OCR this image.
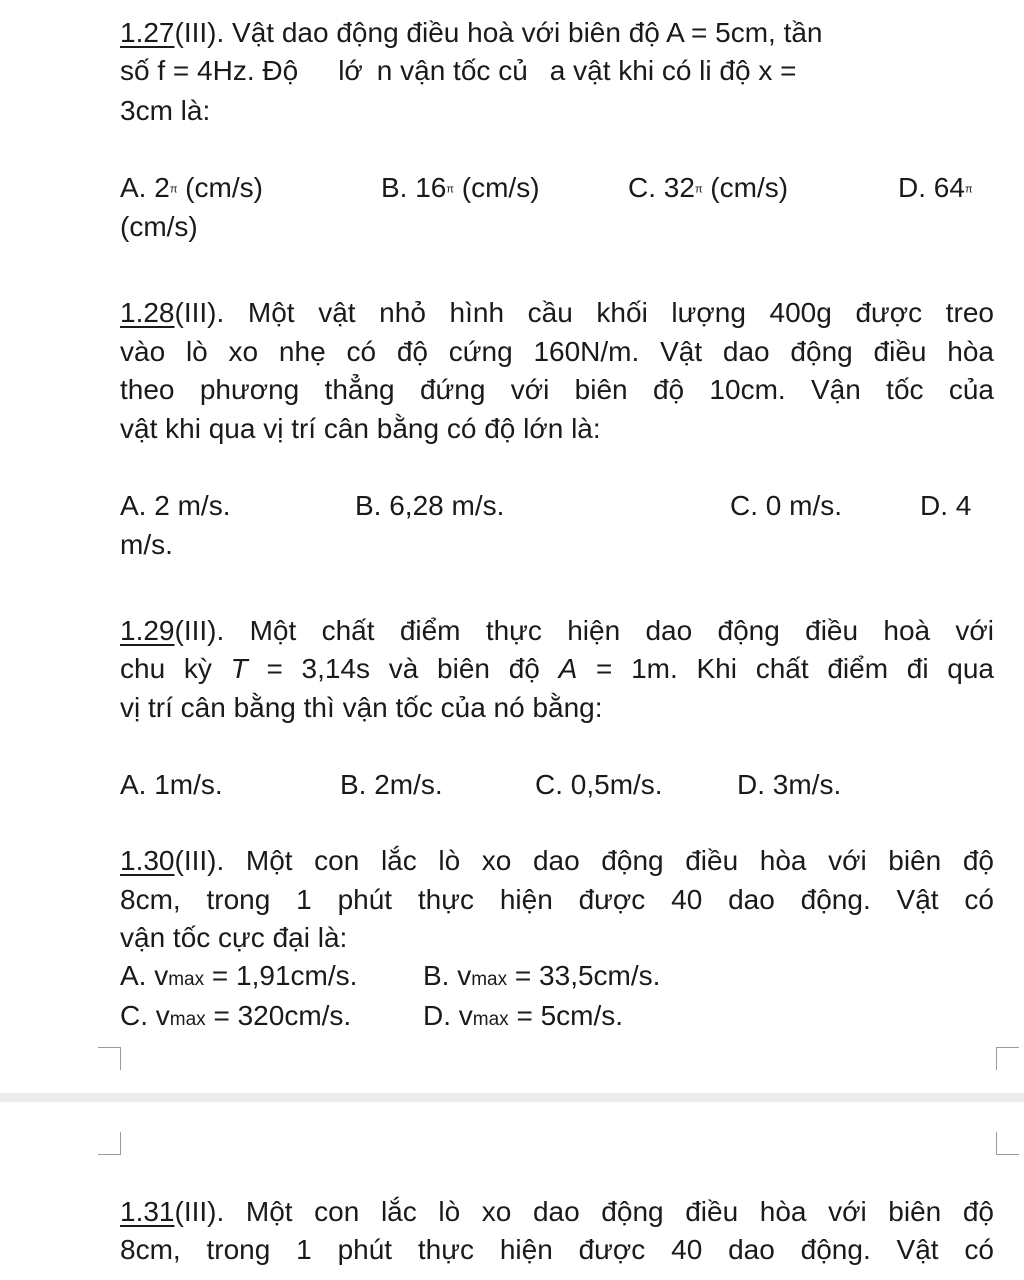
1.27(III). Vật dao động điều hoà với biên độ A = 5cm, tần
số f = 4Hz. Độ lớ n vận tốc củ a vật khi có li độ x =
3cm là:
A. 2π (cm/s)	B. 16π (cm/s)	C. 32π (cm/s)	D. 64π
(cm/s)
1.28(III). Một vật nhỏ hình cầu khối lượng 400g được treo
vào lò xo nhẹ có độ cứng 160N/m. Vật dao động điều hòa
theo phương thẳng đứng với biên độ 10cm. Vận tốc của
vật khi qua vị trí cân bằng có độ lớn là:
A. 2 m/s.	B. 6,28 m/s.	C. 0 m/s.	D. 4
m/s.
1.29(III). Một chất điểm thực hiện dao động điều hoà với
chu kỳ T = 3,14s và biên độ A = 1m. Khi chất điểm đi qua
vị trí cân bằng thì vận tốc của nó bằng:
A. 1m/s.	B. 2m/s.	C. 0,5m/s.	D. 3m/s.
1.30(III). Một con lắc lò xo dao động điều hòa với biên độ
8cm, trong 1 phút thực hiện được 40 dao động. Vật có
vận tốc cực đại là:
A. vmax = 1,91cm/s. B. vmax = 33,5cm/s.
C. vmax = 320cm/s.	D. vmax = 5cm/s.
1.31(III). Một con lắc lò xo dao động điều hòa với biên độ
8cm, trong 1 phút thực hiện được 40 dao động. Vật có
